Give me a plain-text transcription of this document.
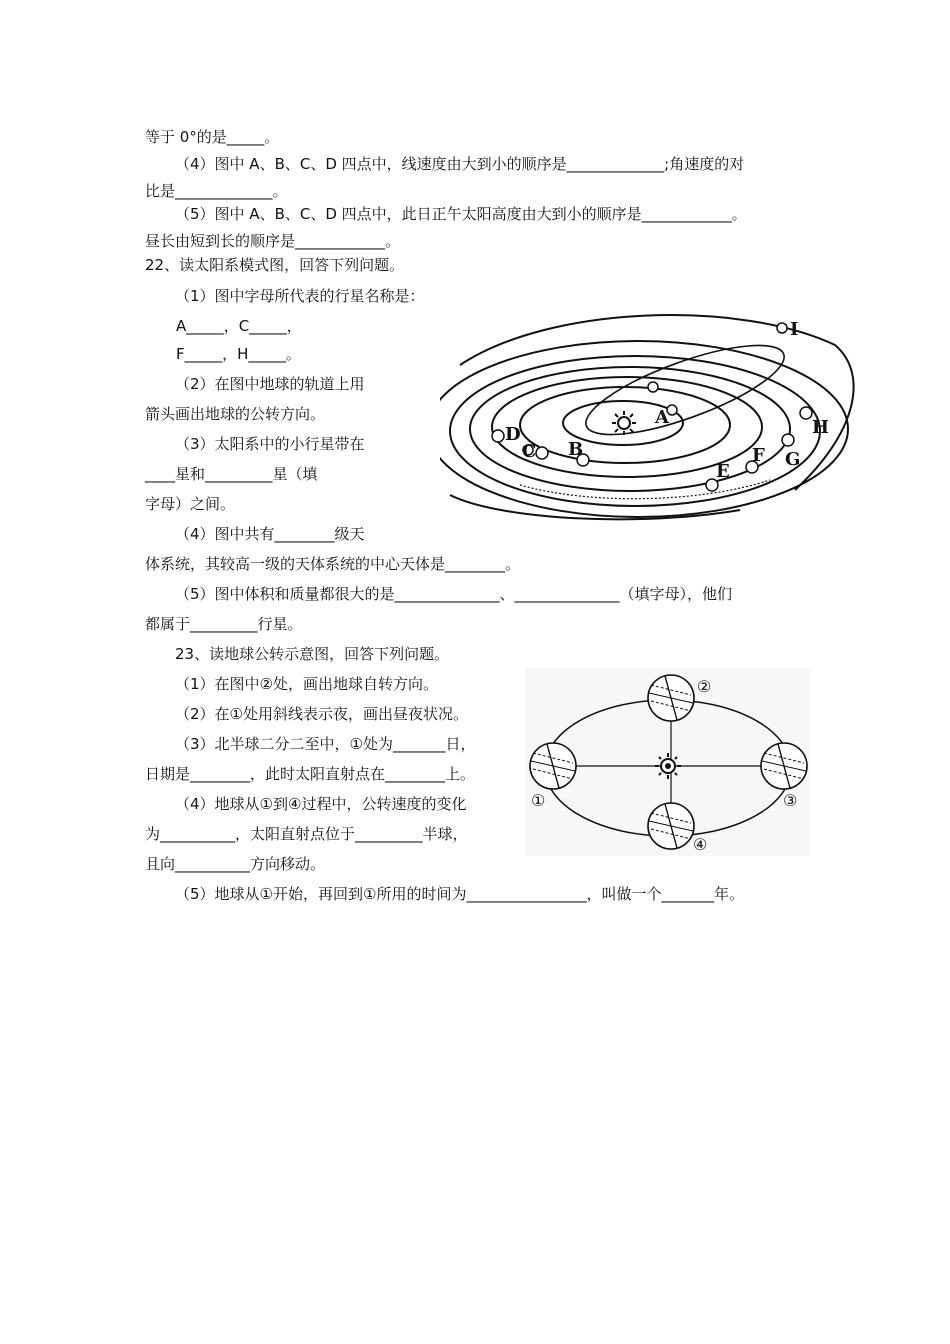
等于 0°的是_____。
（4）图中 A、B、C、D 四点中，线速度由大到小的顺序是_____________;角速度的对
比是_____________。
（5）图中 A、B、C、D 四点中，此日正午太阳高度由大到小的顺序是____________。
昼长由短到长的顺序是____________。
22、读太阳系模式图，回答下列问题。
（1）图中字母所代表的行星名称是：
A_____，C_____，
F_____，H_____。
（2）在图中地球的轨道上用
箭头画出地球的公转方向。
（3）太阳系中的小行星带在
____星和_________星（填
字母）之间。
（4）图中共有________级天
体系统，其较高一级的天体系统的中心天体是________。
（5）图中体积和质量都很大的是______________、______________（填字母），他们
都属于_________行星。
A
B
C
D
E
F G
H
I
23、读地球公转示意图，回答下列问题。
（1）在图中②处，画出地球自转方向。
（2）在①处用斜线表示夜，画出昼夜状况。
（3）北半球二分二至中，①处为_______日，
日期是________，此时太阳直射点在________上。
（4）地球从①到④过程中，公转速度的变化
为__________，太阳直射点位于_________半球，
且向__________方向移动。
（5）地球从①开始，再回到①所用的时间为________________，叫做一个_______年。
①
②
③
④
